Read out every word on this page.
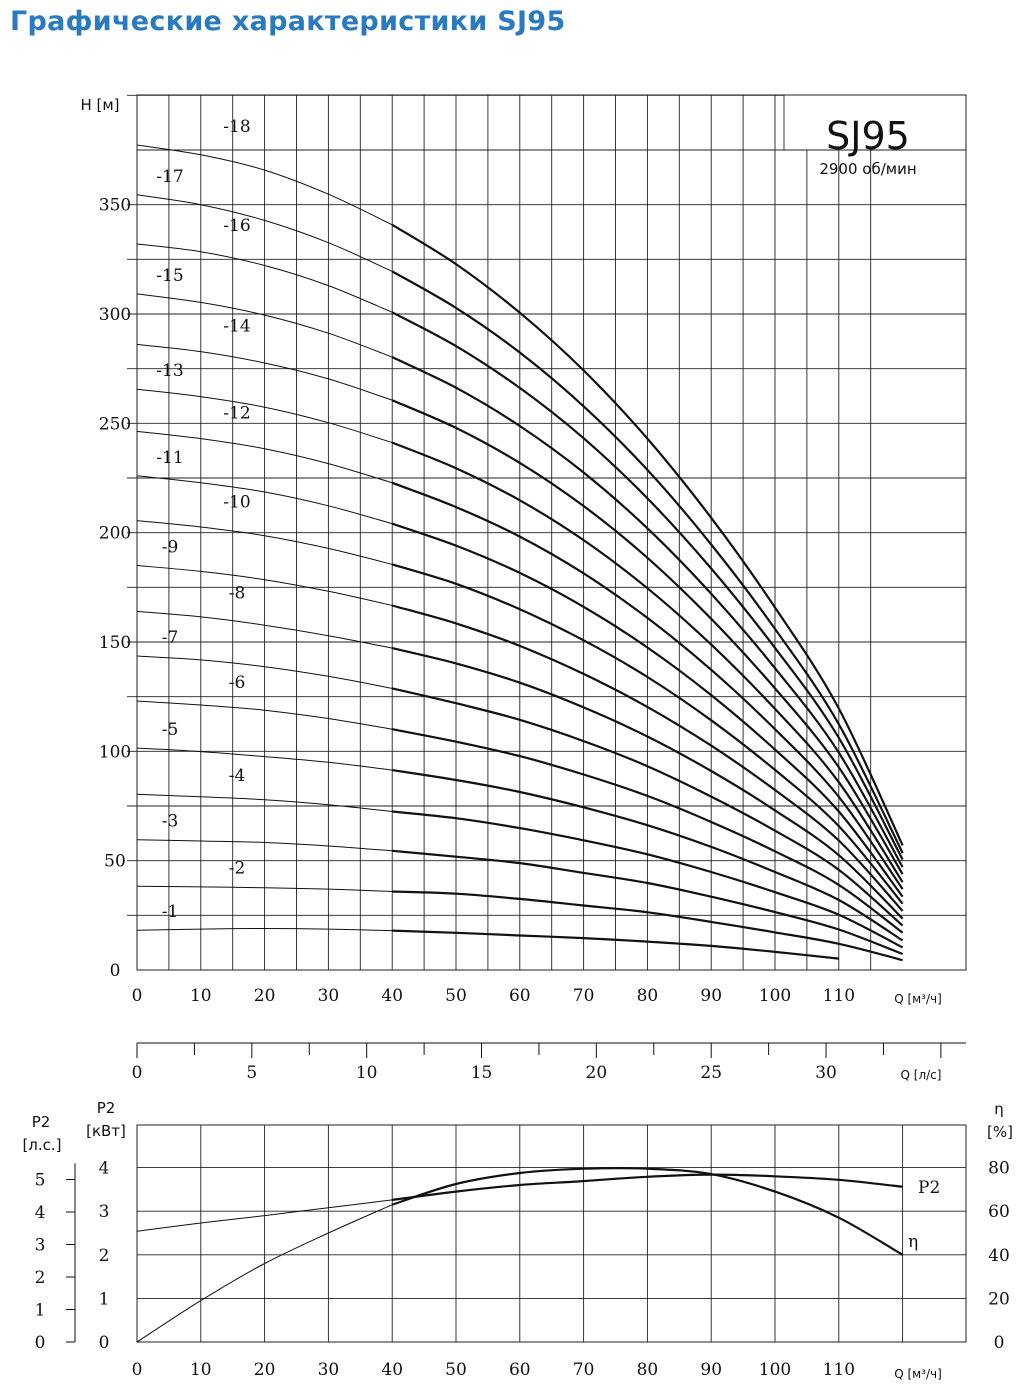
Графические характеристики SJ95
SJ95
2900 об/мин
0
50
100
150
200
250
300
350
0	10 20 30 40 50 60 70 80 90 100 110
H [м]
Q [м³/ч]
-1
-2
-3
-4
-5
-6
-7
-8
-9
-10
-11
-12
-13
-14
-15
-16
-17
-18
0	5	10	15	20	25	30	Q [л/с]
0
1
2
3
4
5
P2
[л.с.]
0
1
2
3
4
P2
[кВт]
0
20
40
60
80
η
[%]
0	10 20 30 40 50 60 70 80 90 100 110	Q [м³/ч]
P2
η
